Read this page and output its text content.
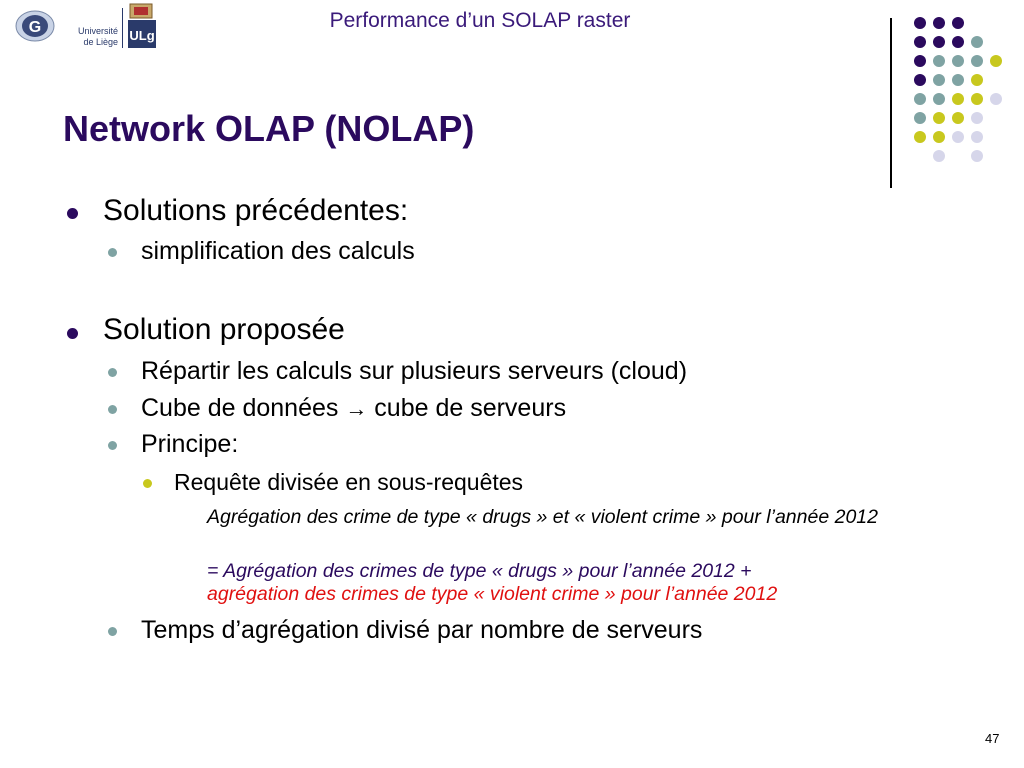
G	Université
de Liège ULg
Performance d’un SOLAP raster
Network OLAP (NOLAP)
Solutions précédentes:
simplification des calculs
Solution proposée
Répartir les calculs sur plusieurs serveurs (cloud)
Cube de données → cube de serveurs
Principe:
Requête divisée en sous-requêtes
Agrégation des crime de type « drugs » et « violent crime » pour l’année 2012
= Agrégation des crimes de type « drugs » pour l’année 2012 +
agrégation des crimes de type « violent crime » pour l’année 2012
Temps d’agrégation divisé par nombre de serveurs
47
